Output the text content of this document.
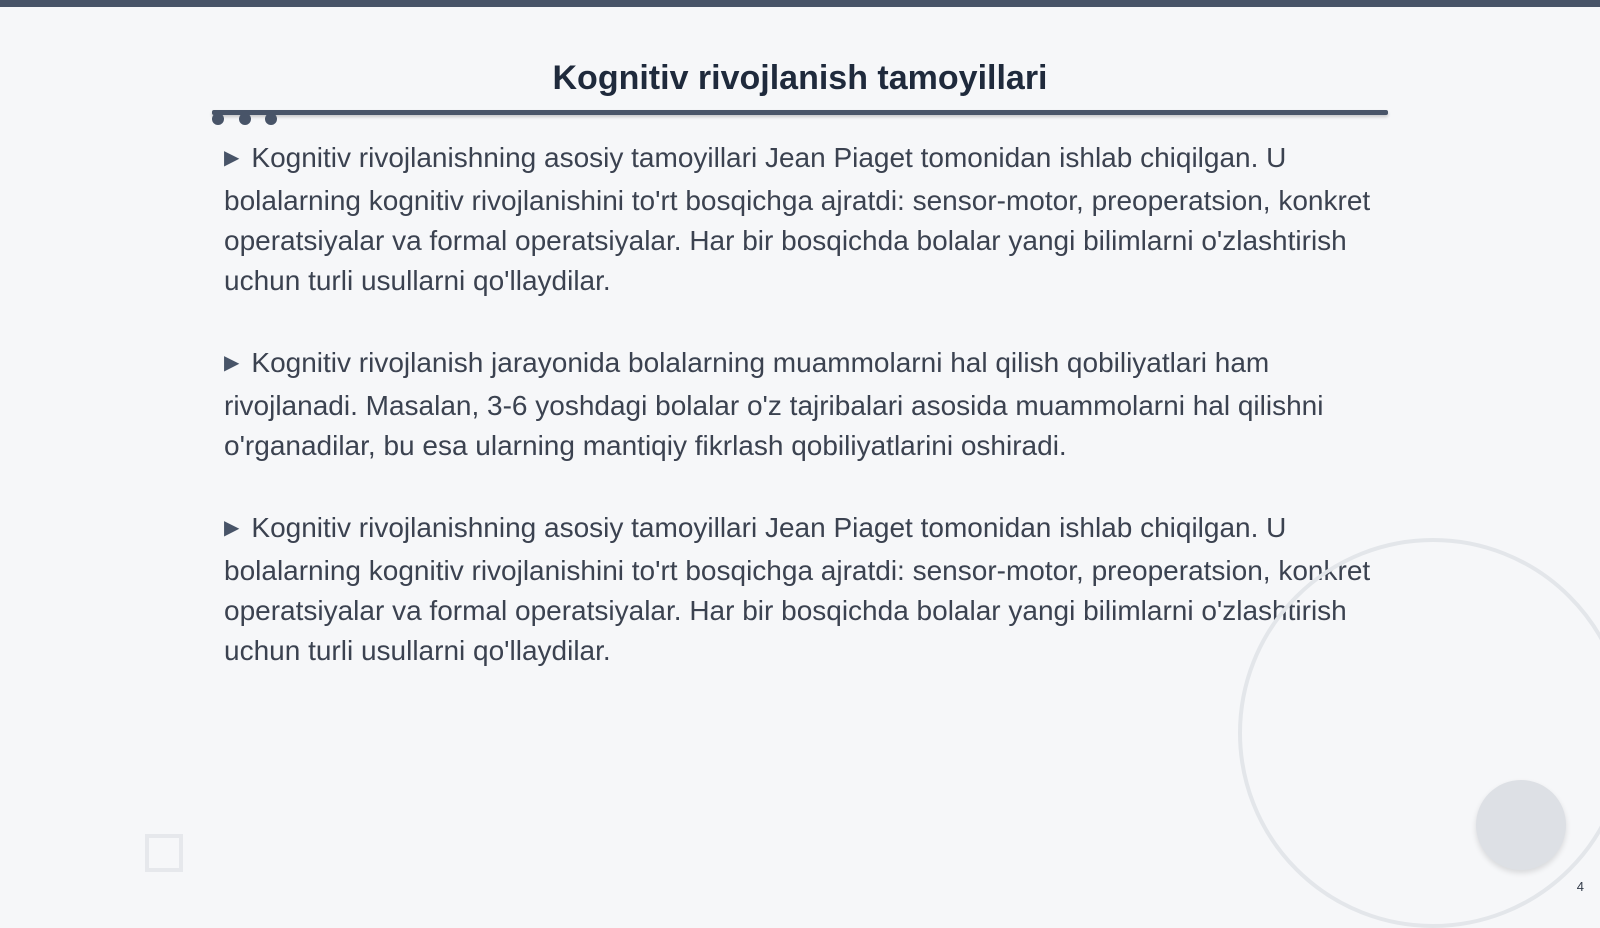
Kognitiv rivojlanish tamoyillari

▶ Kognitiv rivojlanishning asosiy tamoyillari Jean Piaget tomonidan ishlab chiqilgan. U bolalarning kognitiv rivojlanishini to'rt bosqichga ajratdi: sensor-motor, preoperatsion, konkret operatsiyalar va formal operatsiyalar. Har bir bosqichda bolalar yangi bilimlarni o'zlashtirish uchun turli usullarni qo'llaydilar.

▶ Kognitiv rivojlanish jarayonida bolalarning muammolarni hal qilish qobiliyatlari ham rivojlanadi. Masalan, 3-6 yoshdagi bolalar o'z tajribalari asosida muammolarni hal qilishni o'rganadilar, bu esa ularning mantiqiy fikrlash qobiliyatlarini oshiradi.

▶ Kognitiv rivojlanishning asosiy tamoyillari Jean Piaget tomonidan ishlab chiqilgan. U bolalarning kognitiv rivojlanishini to'rt bosqichga ajratdi: sensor-motor, preoperatsion, konkret operatsiyalar va formal operatsiyalar. Har bir bosqichda bolalar yangi bilimlarni o'zlashtirish uchun turli usullarni qo'llaydilar.

4
